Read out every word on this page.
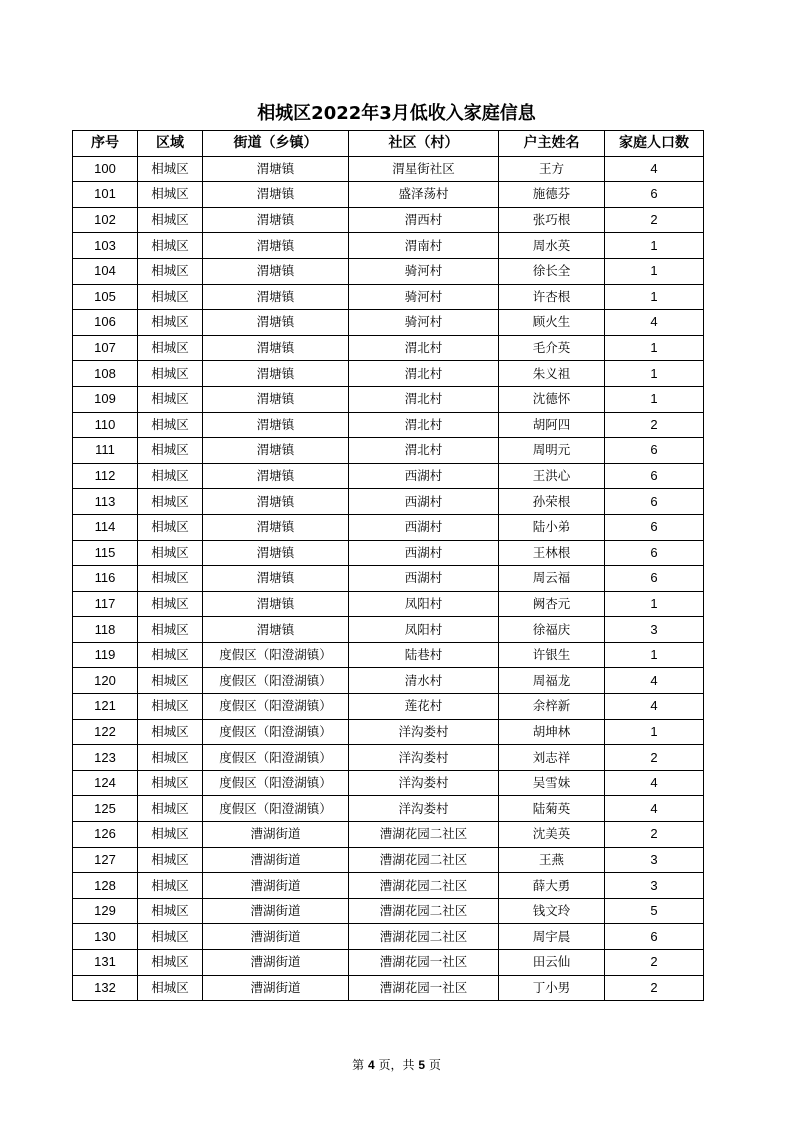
相城区2022年3月低收入家庭信息
序号	区域	街道（乡镇）	社区（村）	户主姓名	家庭人口数
100	相城区	渭塘镇	渭星街社区	王方	4
101	相城区	渭塘镇	盛泽荡村	施德芬	6
102	相城区	渭塘镇	渭西村	张巧根	2
103	相城区	渭塘镇	渭南村	周水英	1
104	相城区	渭塘镇	骑河村	徐长全	1
105	相城区	渭塘镇	骑河村	许杏根	1
106	相城区	渭塘镇	骑河村	顾火生	4
107	相城区	渭塘镇	渭北村	毛介英	1
108	相城区	渭塘镇	渭北村	朱义祖	1
109	相城区	渭塘镇	渭北村	沈德怀	1
110	相城区	渭塘镇	渭北村	胡阿四	2
111	相城区	渭塘镇	渭北村	周明元	6
112	相城区	渭塘镇	西湖村	王洪心	6
113	相城区	渭塘镇	西湖村	孙荣根	6
114	相城区	渭塘镇	西湖村	陆小弟	6
115	相城区	渭塘镇	西湖村	王林根	6
116	相城区	渭塘镇	西湖村	周云福	6
117	相城区	渭塘镇	凤阳村	阙杏元	1
118	相城区	渭塘镇	凤阳村	徐福庆	3
119	相城区	度假区（阳澄湖镇）	陆巷村	许银生	1
120	相城区	度假区（阳澄湖镇）	清水村	周福龙	4
121	相城区	度假区（阳澄湖镇）	莲花村	余梓新	4
122	相城区	度假区（阳澄湖镇）	洋沟娄村	胡坤林	1
123	相城区	度假区（阳澄湖镇）	洋沟娄村	刘志祥	2
124	相城区	度假区（阳澄湖镇）	洋沟娄村	吴雪妹	4
125	相城区	度假区（阳澄湖镇）	洋沟娄村	陆菊英	4
126	相城区	漕湖街道	漕湖花园二社区	沈美英	2
127	相城区	漕湖街道	漕湖花园二社区	王燕	3
128	相城区	漕湖街道	漕湖花园二社区	薛大勇	3
129	相城区	漕湖街道	漕湖花园二社区	钱文玲	5
130	相城区	漕湖街道	漕湖花园二社区	周宇晨	6
131	相城区	漕湖街道	漕湖花园一社区	田云仙	2
132	相城区	漕湖街道	漕湖花园一社区	丁小男	2
第 4 页，共 5 页
